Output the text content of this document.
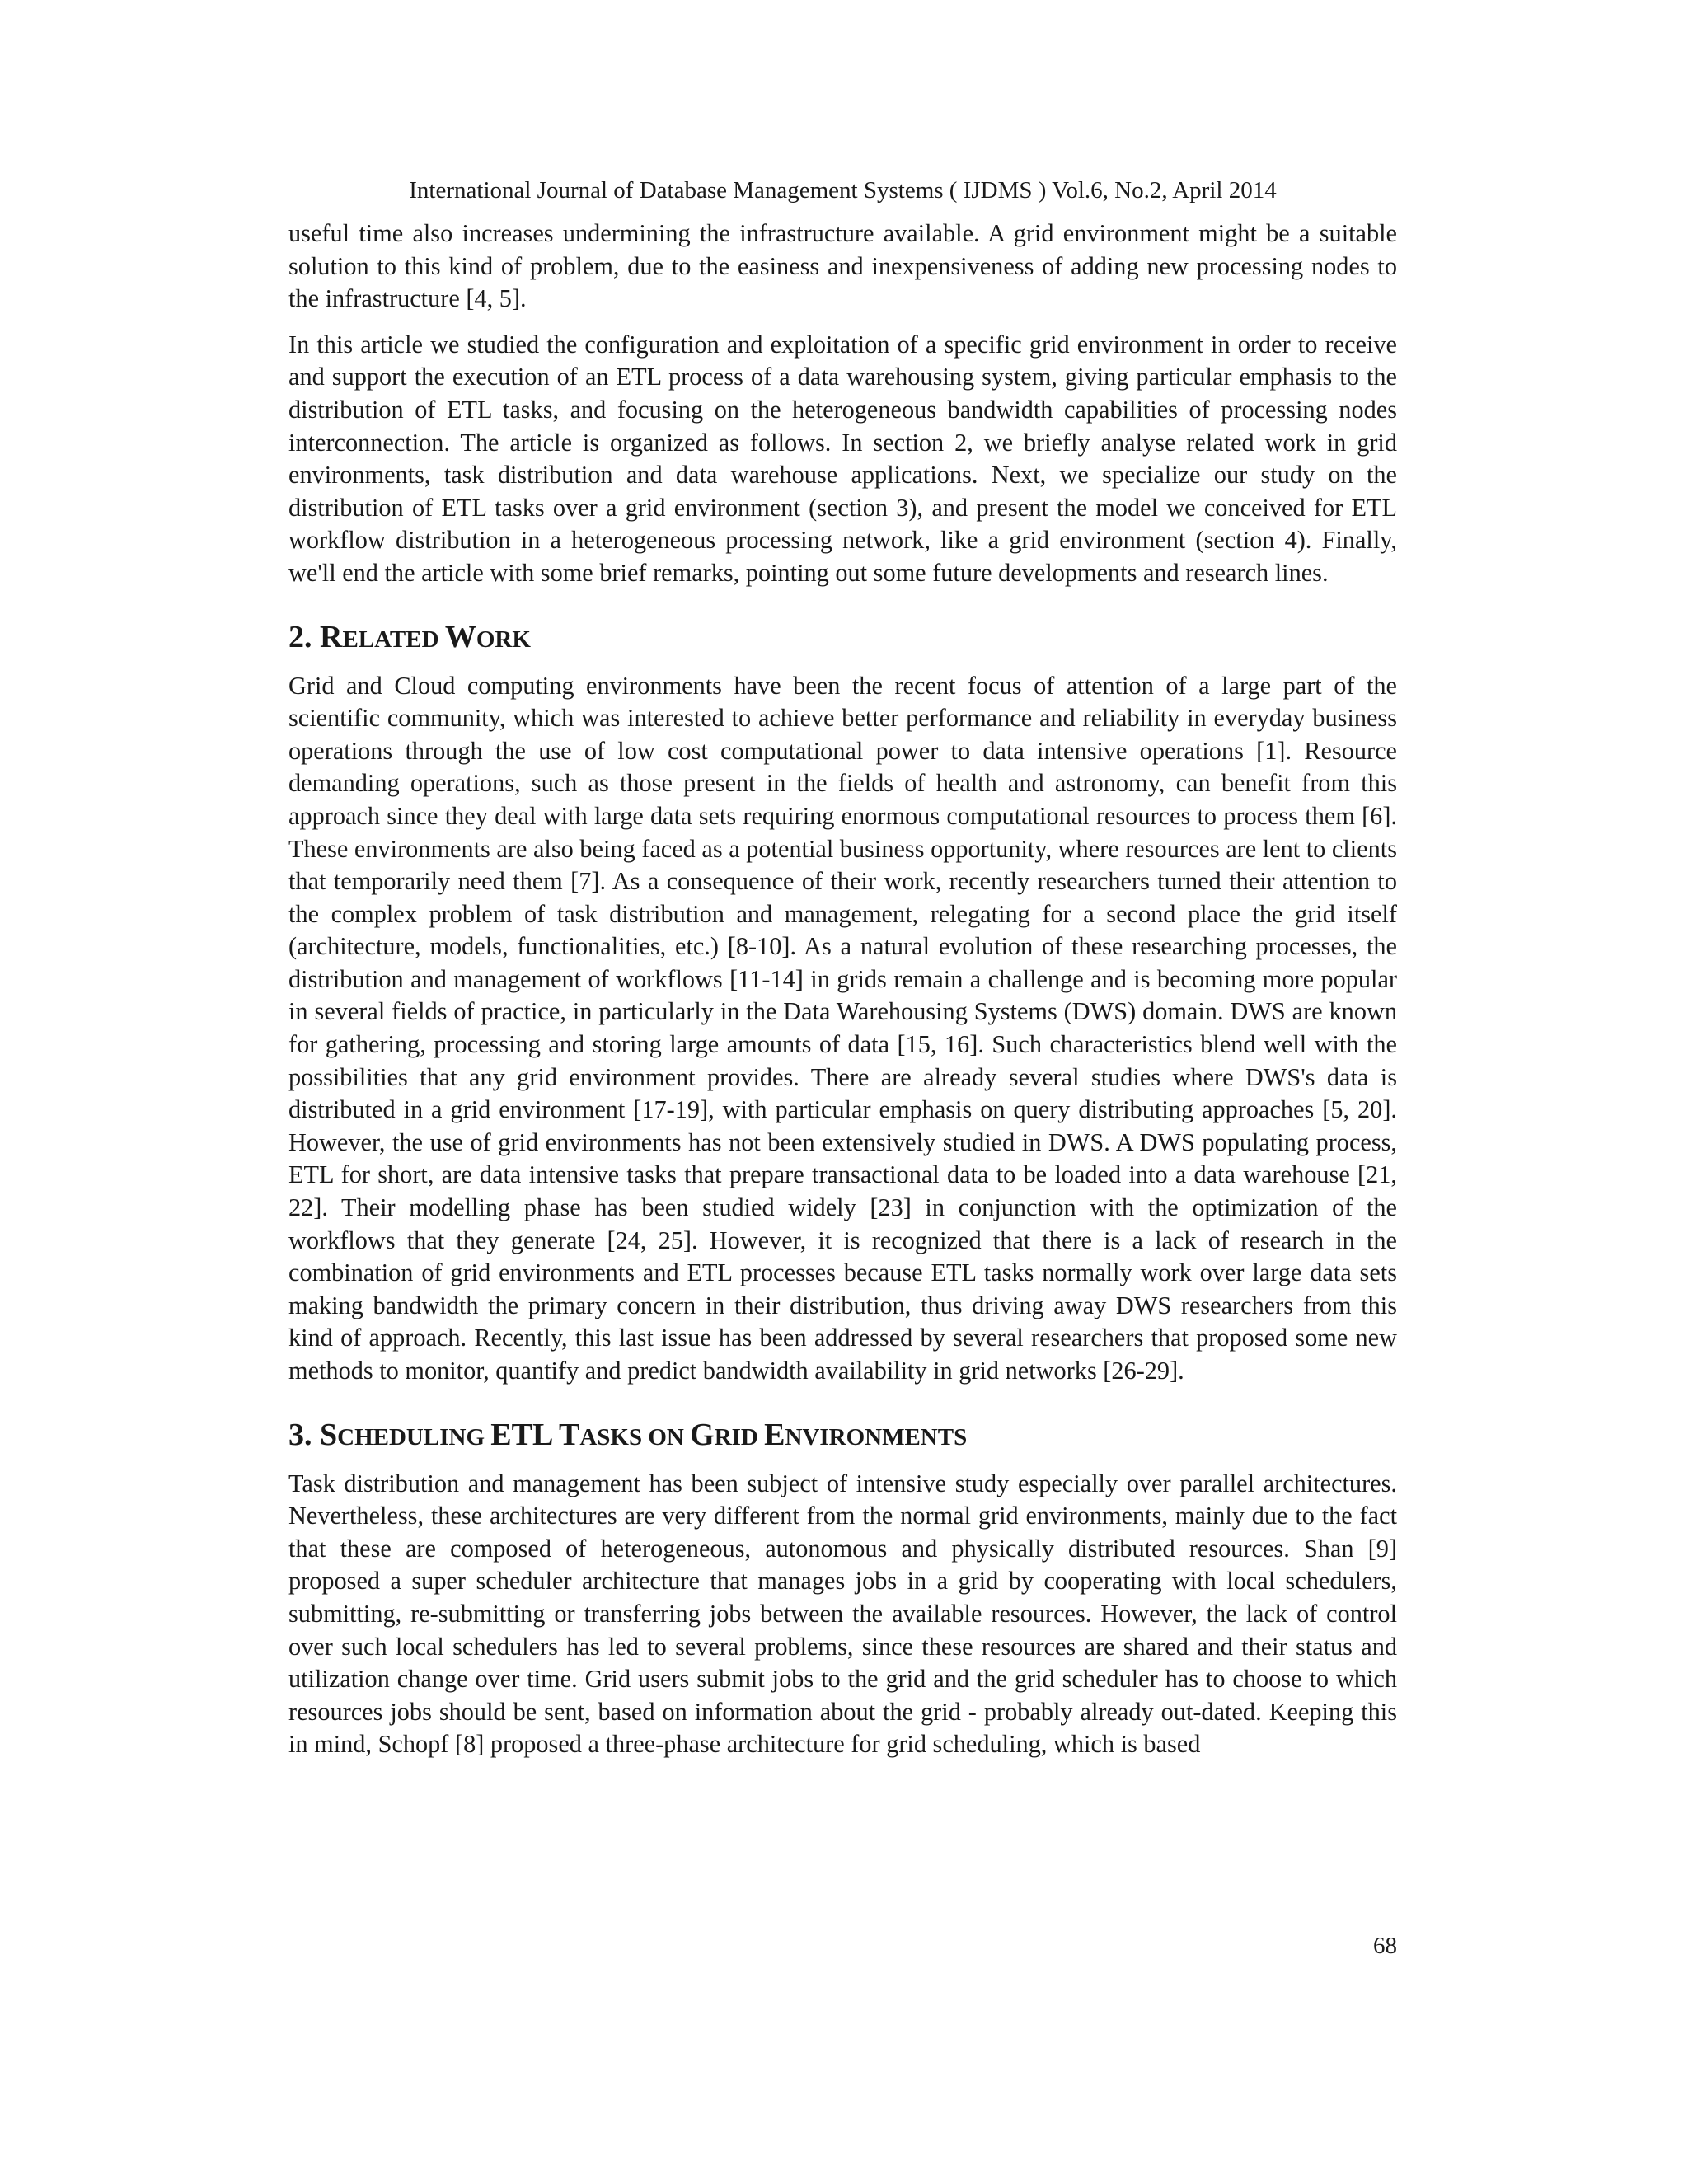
International Journal of Database Management Systems ( IJDMS ) Vol.6, No.2, April 2014

useful time also increases undermining the infrastructure available. A grid environment might be a suitable solution to this kind of problem, due to the easiness and inexpensiveness of adding new processing nodes to the infrastructure [4, 5].

In this article we studied the configuration and exploitation of a specific grid environment in order to receive and support the execution of an ETL process of a data warehousing system, giving particular emphasis to the distribution of ETL tasks, and focusing on the heterogeneous bandwidth capabilities of processing nodes interconnection. The article is organized as follows. In section 2, we briefly analyse related work in grid environments, task distribution and data warehouse applications. Next, we specialize our study on the distribution of ETL tasks over a grid environment (section 3), and present the model we conceived for ETL workflow distribution in a heterogeneous processing network, like a grid environment (section 4). Finally, we'll end the article with some brief remarks, pointing out some future developments and research lines.

2. RELATED WORK

Grid and Cloud computing environments have been the recent focus of attention of a large part of the scientific community, which was interested to achieve better performance and reliability in everyday business operations through the use of low cost computational power to data intensive operations [1]. Resource demanding operations, such as those present in the fields of health and astronomy, can benefit from this approach since they deal with large data sets requiring enormous computational resources to process them [6]. These environments are also being faced as a potential business opportunity, where resources are lent to clients that temporarily need them [7]. As a consequence of their work, recently researchers turned their attention to the complex problem of task distribution and management, relegating for a second place the grid itself (architecture, models, functionalities, etc.) [8-10]. As a natural evolution of these researching processes, the distribution and management of workflows [11-14] in grids remain a challenge and is becoming more popular in several fields of practice, in particularly in the Data Warehousing Systems (DWS) domain. DWS are known for gathering, processing and storing large amounts of data [15, 16]. Such characteristics blend well with the possibilities that any grid environment provides. There are already several studies where DWS's data is distributed in a grid environment [17-19], with particular emphasis on query distributing approaches [5, 20]. However, the use of grid environments has not been extensively studied in DWS. A DWS populating process, ETL for short, are data intensive tasks that prepare transactional data to be loaded into a data warehouse [21, 22]. Their modelling phase has been studied widely [23] in conjunction with the optimization of the workflows that they generate [24, 25]. However, it is recognized that there is a lack of research in the combination of grid environments and ETL processes because ETL tasks normally work over large data sets making bandwidth the primary concern in their distribution, thus driving away DWS researchers from this kind of approach. Recently, this last issue has been addressed by several researchers that proposed some new methods to monitor, quantify and predict bandwidth availability in grid networks [26-29].

3. SCHEDULING ETL TASKS ON GRID ENVIRONMENTS

Task distribution and management has been subject of intensive study especially over parallel architectures. Nevertheless, these architectures are very different from the normal grid environments, mainly due to the fact that these are composed of heterogeneous, autonomous and physically distributed resources. Shan [9] proposed a super scheduler architecture that manages jobs in a grid by cooperating with local schedulers, submitting, re-submitting or transferring jobs between the available resources. However, the lack of control over such local schedulers has led to several problems, since these resources are shared and their status and utilization change over time. Grid users submit jobs to the grid and the grid scheduler has to choose to which resources jobs should be sent, based on information about the grid - probably already out-dated. Keeping this in mind, Schopf [8] proposed a three-phase architecture for grid scheduling, which is based

68
